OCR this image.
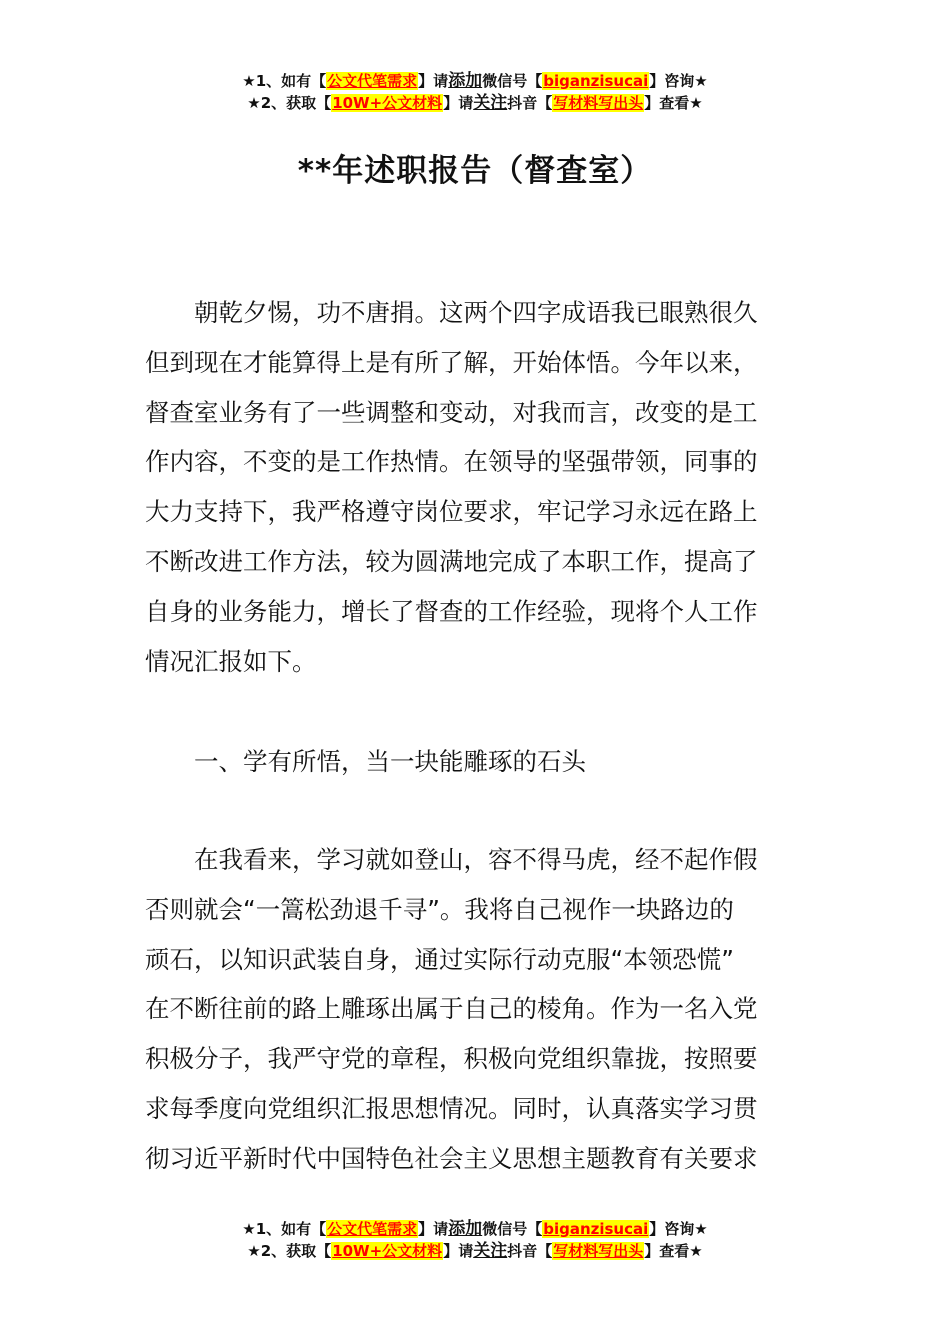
★1、如有【公文代笔需求】请添加微信号【biganzisucai】咨询★
★2、获取【10W+公文材料】请关注抖音【写材料写出头】查看★
**年述职报告（督查室）
朝乾夕惕，功不唐捐。这两个四字成语我已眼熟很久
但到现在才能算得上是有所了解，开始体悟。今年以来，
督查室业务有了一些调整和变动，对我而言，改变的是工
作内容，不变的是工作热情。在领导的坚强带领，同事的
大力支持下，我严格遵守岗位要求，牢记学习永远在路上
不断改进工作方法，较为圆满地完成了本职工作，提高了
自身的业务能力，增长了督查的工作经验，现将个人工作
情况汇报如下。
一、学有所悟，当一块能雕琢的石头
在我看来，学习就如登山，容不得马虎，经不起作假
否则就会“一篙松劲退千寻”。我将自己视作一块路边的
顽石，以知识武装自身，通过实际行动克服“本领恐慌”
在不断往前的路上雕琢出属于自己的棱角。作为一名入党
积极分子，我严守党的章程，积极向党组织靠拢，按照要
求每季度向党组织汇报思想情况。同时，认真落实学习贯
彻习近平新时代中国特色社会主义思想主题教育有关要求
★1、如有【公文代笔需求】请添加微信号【biganzisucai】咨询★
★2、获取【10W+公文材料】请关注抖音【写材料写出头】查看★
